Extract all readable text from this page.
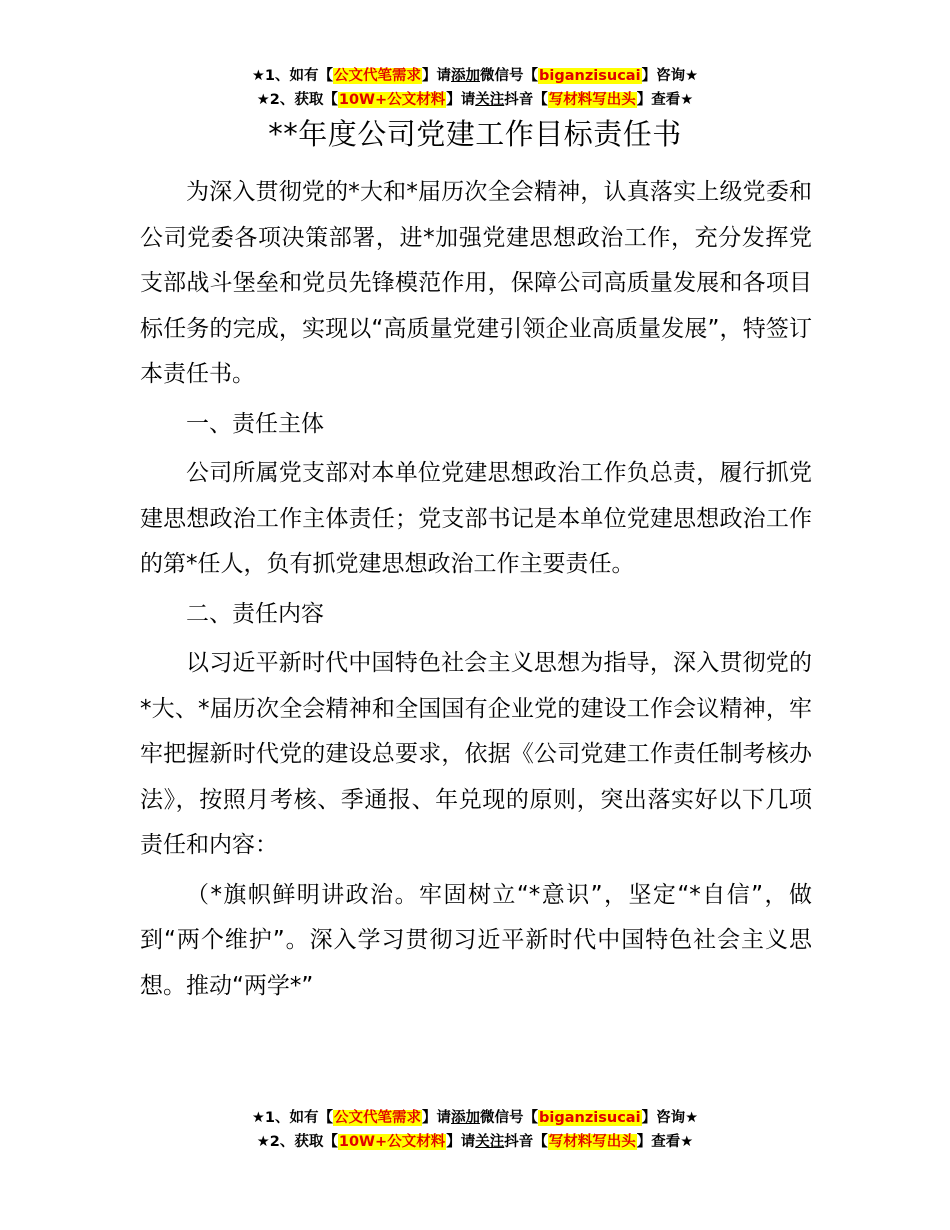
★1、如有【公文代笔需求】请添加微信号【biganzisucai】咨询★
★2、获取【10W+公文材料】请关注抖音【写材料写出头】查看★
**年度公司党建工作目标责任书

为深入贯彻党的*大和*届历次全会精神，认真落实上级党委和公司党委各项决策部署，进*加强党建思想政治工作，充分发挥党支部战斗堡垒和党员先锋模范作用，保障公司高质量发展和各项目标任务的完成，实现以“高质量党建引领企业高质量发展”，特签订本责任书。

一、责任主体

公司所属党支部对本单位党建思想政治工作负总责，履行抓党建思想政治工作主体责任；党支部书记是本单位党建思想政治工作的第*任人，负有抓党建思想政治工作主要责任。

二、责任内容

以习近平新时代中国特色社会主义思想为指导，深入贯彻党的*大、*届历次全会精神和全国国有企业党的建设工作会议精神，牢牢把握新时代党的建设总要求，依据《公司党建工作责任制考核办法》，按照月考核、季通报、年兑现的原则，突出落实好以下几项责任和内容：

（*旗帜鲜明讲政治。牢固树立“*意识”，坚定“*自信”，做到“两个维护”。深入学习贯彻习近平新时代中国特色社会主义思想。推动“两学*”

★1、如有【公文代笔需求】请添加微信号【biganzisucai】咨询★
★2、获取【10W+公文材料】请关注抖音【写材料写出头】查看★
